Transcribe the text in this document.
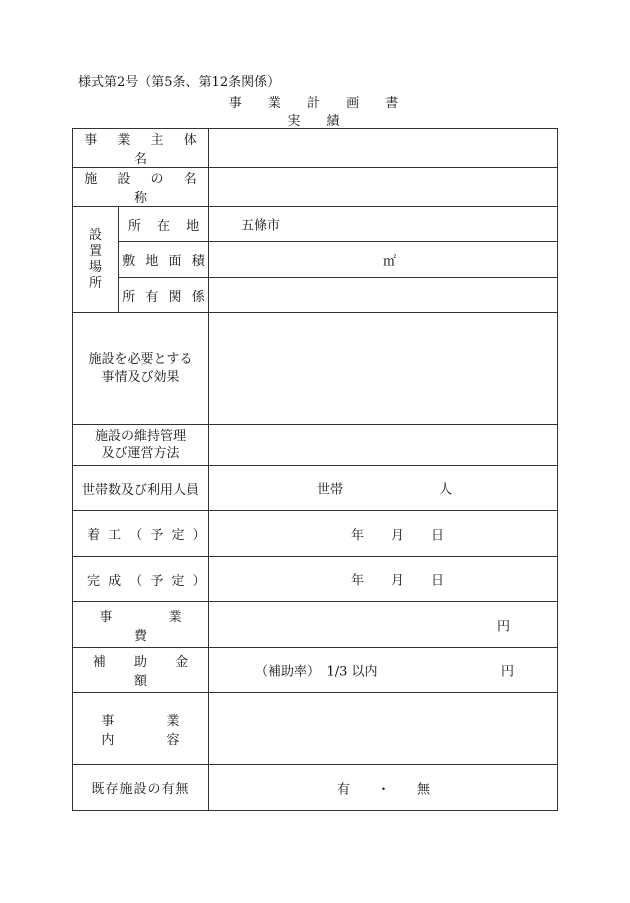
様式第2号（第5条、第12条関係）
事 業 計 画 書
実 績
事 業 主 体 名		
施 設 の 名 称		
設置場所	所 在 地	五條市

	敷 地 面 積	㎡

	所 有 関 係	

施設を必要とする
事情及び効果		

施設の維持管理
及び運営方法		

世帯数及び利用人員		世帯 人

着 工 （ 予 定 ）		年 月 日

完 成 （ 予 定 ）		年 月 日

事 業 費		円

補 助 金 額		（補助率）　1/3 以内 円

事 業 内 容		
既存施設の有無		有 ・ 無
